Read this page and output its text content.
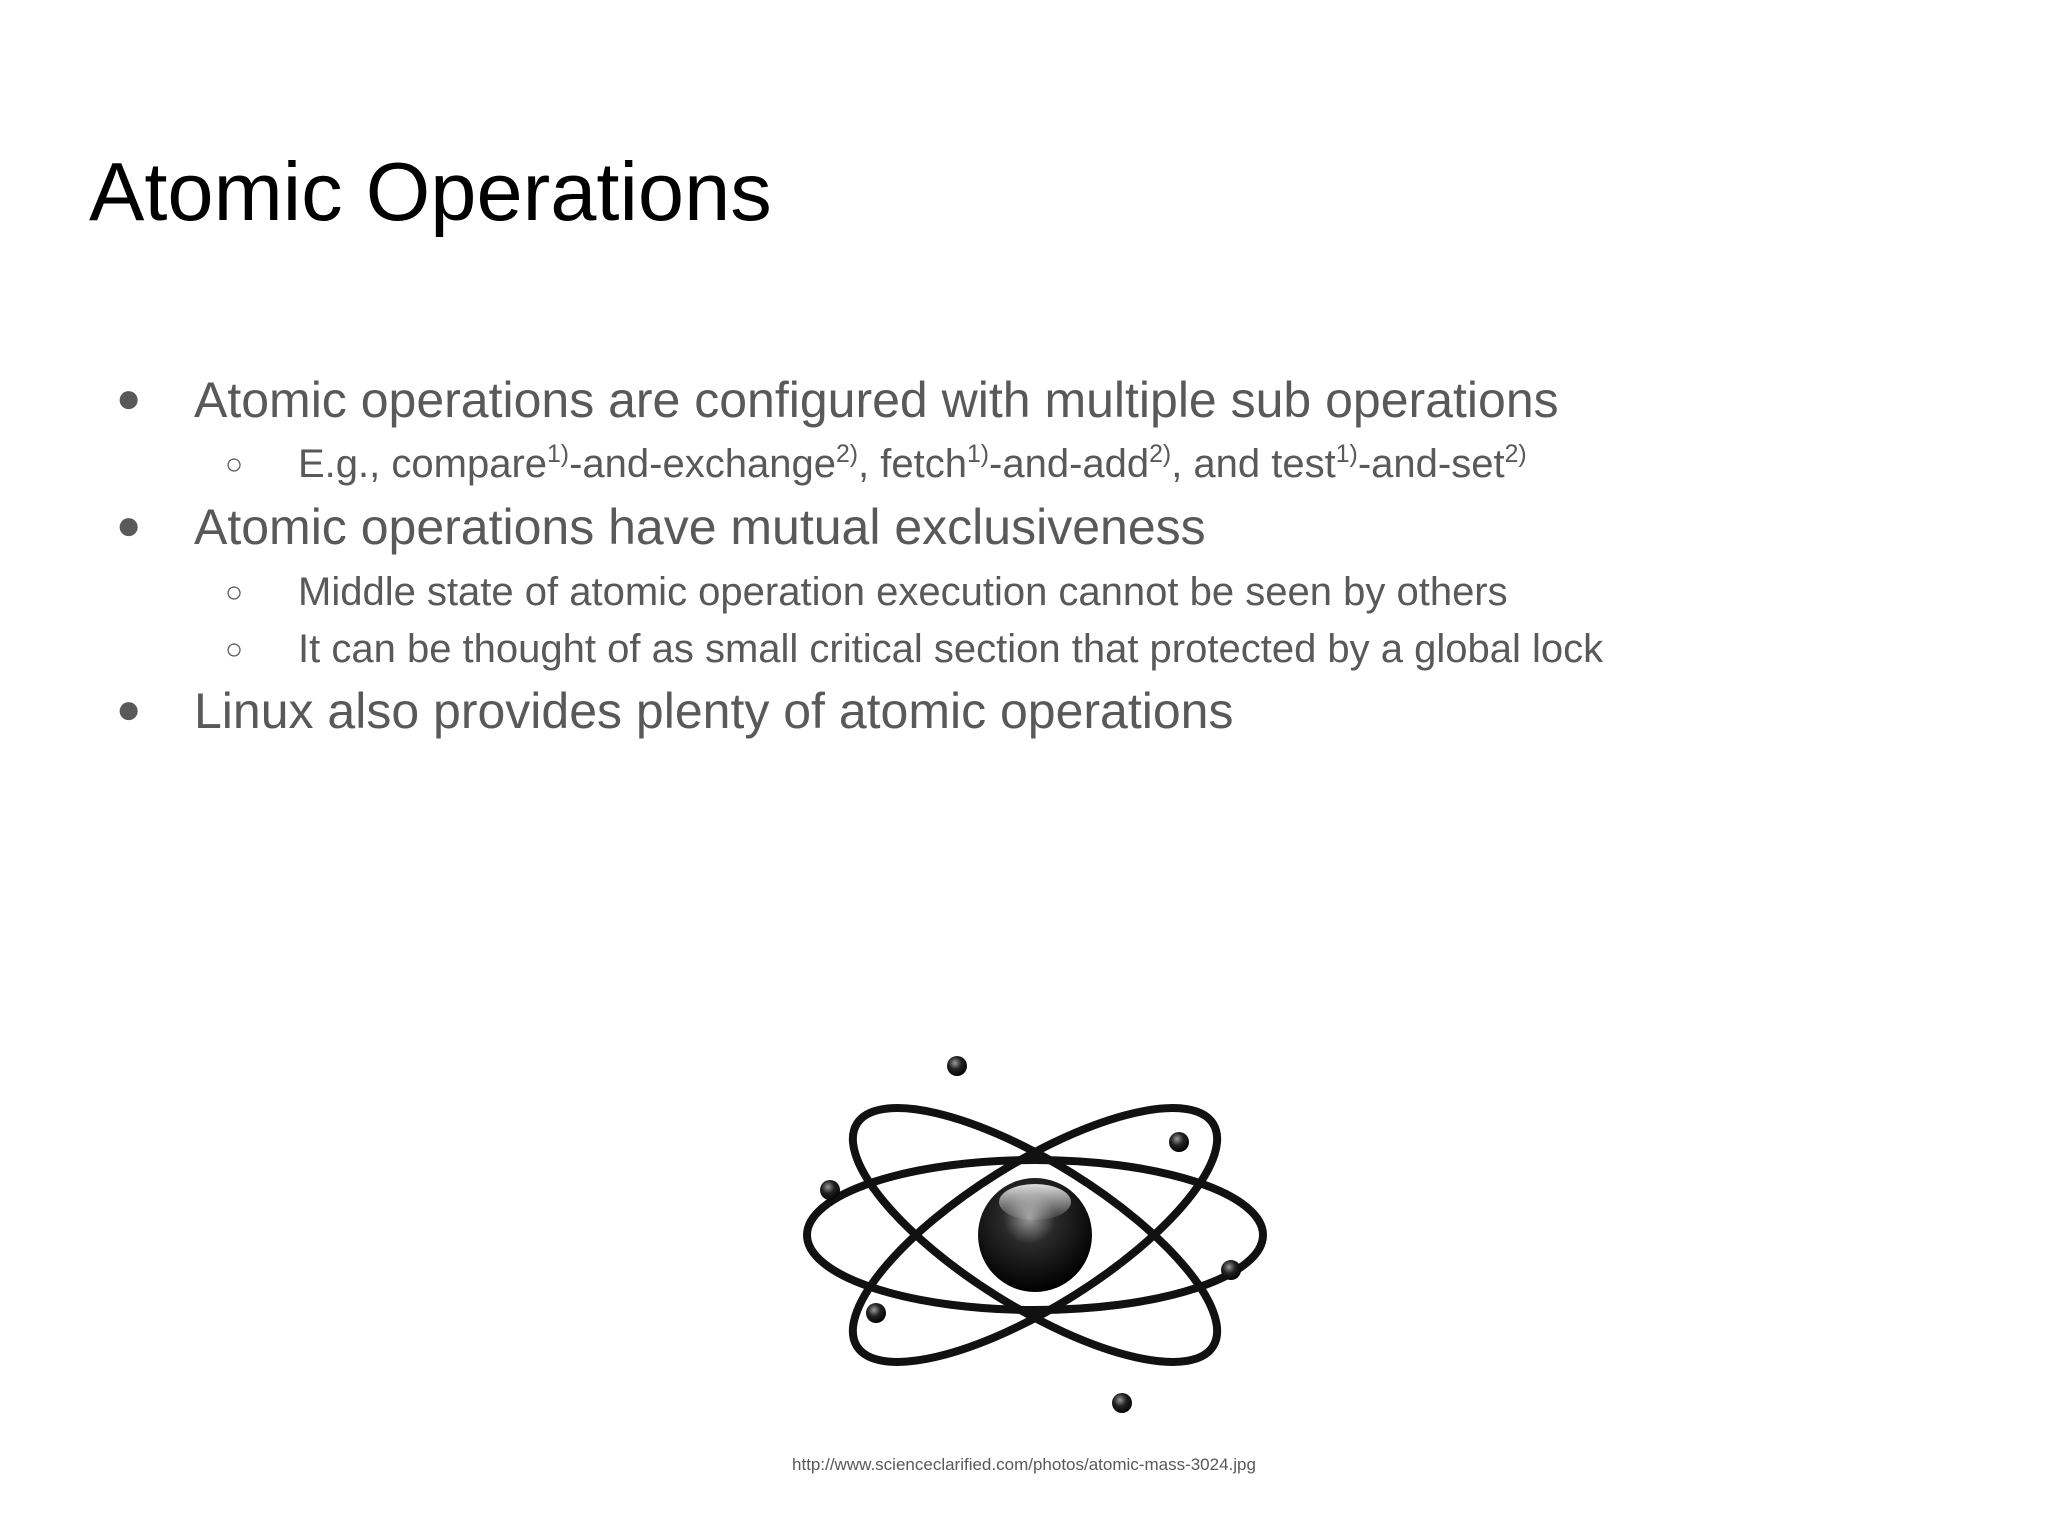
Atomic Operations
● Atomic operations are configured with multiple sub operations
○ E.g., compare$^{1)}$-and-exchange$^{2)}$, fetch$^{1)}$-and-add$^{2)}$, and test$^{1)}$-and-set$^{2)}$
● Atomic operations have mutual exclusiveness
○ Middle state of atomic operation execution cannot be seen by others
○ It can be thought of as small critical section that protected by a global lock
● Linux also provides plenty of atomic operations
http://www.scienceclarified.com/photos/atomic-mass-3024.jpg
